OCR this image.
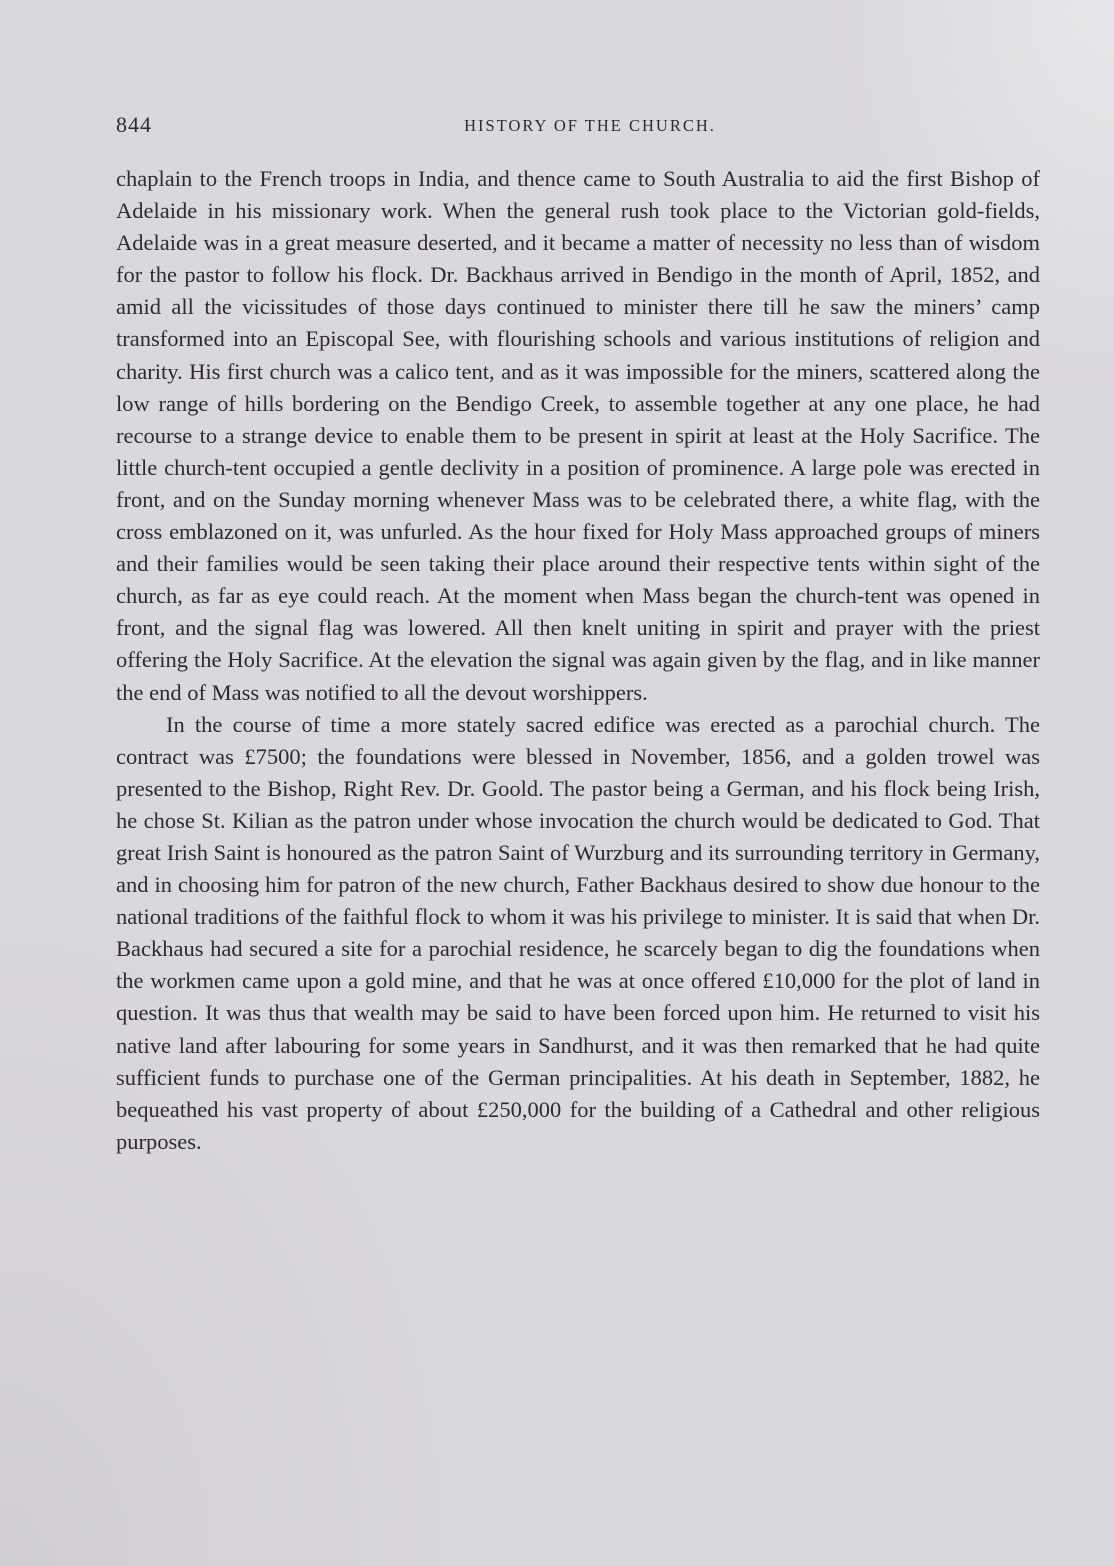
844	HISTORY OF THE CHURCH.

chaplain to the French troops in India, and thence came to South Australia to aid the first Bishop of Adelaide in his missionary work. When the general rush took place to the Victorian gold-fields, Adelaide was in a great measure deserted, and it became a matter of necessity no less than of wisdom for the pastor to follow his flock. Dr. Backhaus arrived in Bendigo in the month of April, 1852, and amid all the vicissitudes of those days continued to minister there till he saw the miners’ camp transformed into an Episcopal See, with flourishing schools and various institutions of religion and charity. His first church was a calico tent, and as it was impossible for the miners, scattered along the low range of hills bordering on the Bendigo Creek, to assemble together at any one place, he had recourse to a strange device to enable them to be present in spirit at least at the Holy Sacrifice. The little church-tent occupied a gentle declivity in a position of prominence. A large pole was erected in front, and on the Sunday morning whenever Mass was to be celebrated there, a white flag, with the cross emblazoned on it, was unfurled. As the hour fixed for Holy Mass approached groups of miners and their families would be seen taking their place around their respective tents within sight of the church, as far as eye could reach. At the moment when Mass began the church-tent was opened in front, and the signal flag was lowered. All then knelt uniting in spirit and prayer with the priest offering the Holy Sacrifice. At the elevation the signal was again given by the flag, and in like manner the end of Mass was notified to all the devout worshippers.

In the course of time a more stately sacred edifice was erected as a parochial church. The contract was £7500; the foundations were blessed in November, 1856, and a golden trowel was presented to the Bishop, Right Rev. Dr. Goold. The pastor being a German, and his flock being Irish, he chose St. Kilian as the patron under whose invocation the church would be dedicated to God. That great Irish Saint is honoured as the patron Saint of Wurzburg and its surrounding territory in Germany, and in choosing him for patron of the new church, Father Backhaus desired to show due honour to the national traditions of the faithful flock to whom it was his privilege to minister. It is said that when Dr. Backhaus had secured a site for a parochial residence, he scarcely began to dig the foundations when the workmen came upon a gold mine, and that he was at once offered £10,000 for the plot of land in question. It was thus that wealth may be said to have been forced upon him. He returned to visit his native land after labouring for some years in Sandhurst, and it was then remarked that he had quite sufficient funds to purchase one of the German principalities. At his death in September, 1882, he bequeathed his vast property of about £250,000 for the building of a Cathedral and other religious purposes.
